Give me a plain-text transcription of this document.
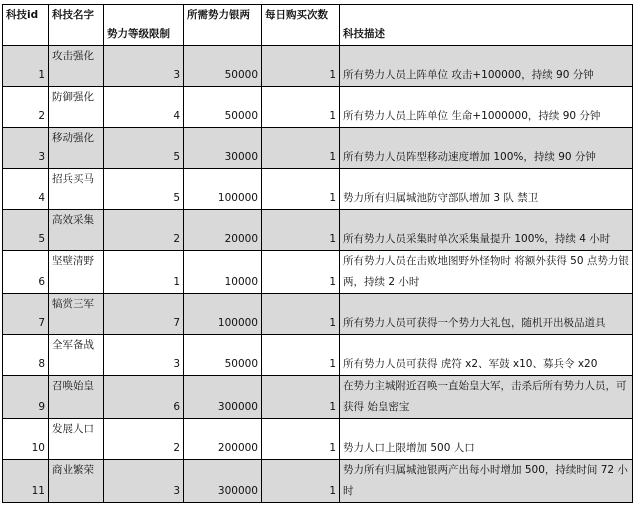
科技id	科技名字	势力等级限制	所需势力银两	每日购买次数	科技描述
1	攻击强化	3	50000	1	所有势力人员上阵单位 攻击+100000，持续 90 分钟
2	防御强化	4	50000	1	所有势力人员上阵单位 生命+1000000，持续 90 分钟
3	移动强化	5	30000	1	所有势力人员阵型移动速度增加 100%，持续 90 分钟
4	招兵买马	5	100000	1	势力所有归属城池防守部队增加 3 队 禁卫
5	高效采集	2	20000	1	所有势力人员采集时单次采集量提升 100%，持续 4 小时
6	坚壁清野	1	10000	1	所有势力人员在击败地图野外怪物时 将额外获得 50 点势力银两，持续 2 小时
7	犒赏三军	7	100000	1	所有势力人员可获得一个势力大礼包，随机开出极品道具
8	全军备战	3	50000	1	所有势力人员可获得 虎符 x2、军鼓 x10、募兵令 x20
9	召唤始皇	6	300000	1	在势力主城附近召唤一直始皇大军，击杀后所有势力人员，可获得 始皇密宝
10	发展人口	2	200000	1	势力人口上限增加 500 人口
11	商业繁荣	3	300000	1	势力所有归属城池银两产出每小时增加 500，持续时间 72 小时
